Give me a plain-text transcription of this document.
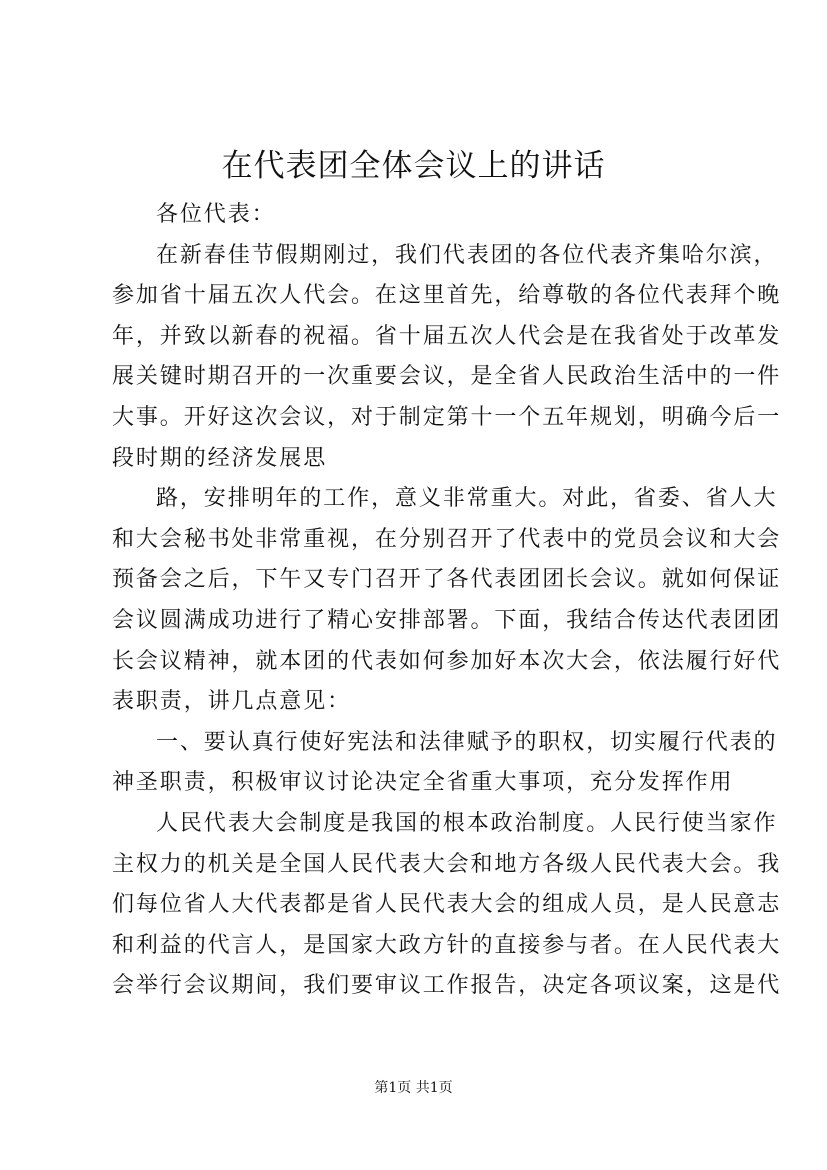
在代表团全体会议上的讲话
各位代表：
在新春佳节假期刚过，我们代表团的各位代表齐集哈尔滨，
参加省十届五次人代会。在这里首先，给尊敬的各位代表拜个晚
年，并致以新春的祝福。省十届五次人代会是在我省处于改革发
展关键时期召开的一次重要会议，是全省人民政治生活中的一件
大事。开好这次会议，对于制定第十一个五年规划，明确今后一
段时期的经济发展思
路，安排明年的工作，意义非常重大。对此，省委、省人大
和大会秘书处非常重视，在分别召开了代表中的党员会议和大会
预备会之后，下午又专门召开了各代表团团长会议。就如何保证
会议圆满成功进行了精心安排部署。下面，我结合传达代表团团
长会议精神，就本团的代表如何参加好本次大会，依法履行好代
表职责，讲几点意见：
一、要认真行使好宪法和法律赋予的职权，切实履行代表的
神圣职责，积极审议讨论决定全省重大事项，充分发挥作用
人民代表大会制度是我国的根本政治制度。人民行使当家作
主权力的机关是全国人民代表大会和地方各级人民代表大会。我
们每位省人大代表都是省人民代表大会的组成人员，是人民意志
和利益的代言人，是国家大政方针的直接参与者。在人民代表大
会举行会议期间，我们要审议工作报告，决定各项议案，这是代
第1页 共1页
